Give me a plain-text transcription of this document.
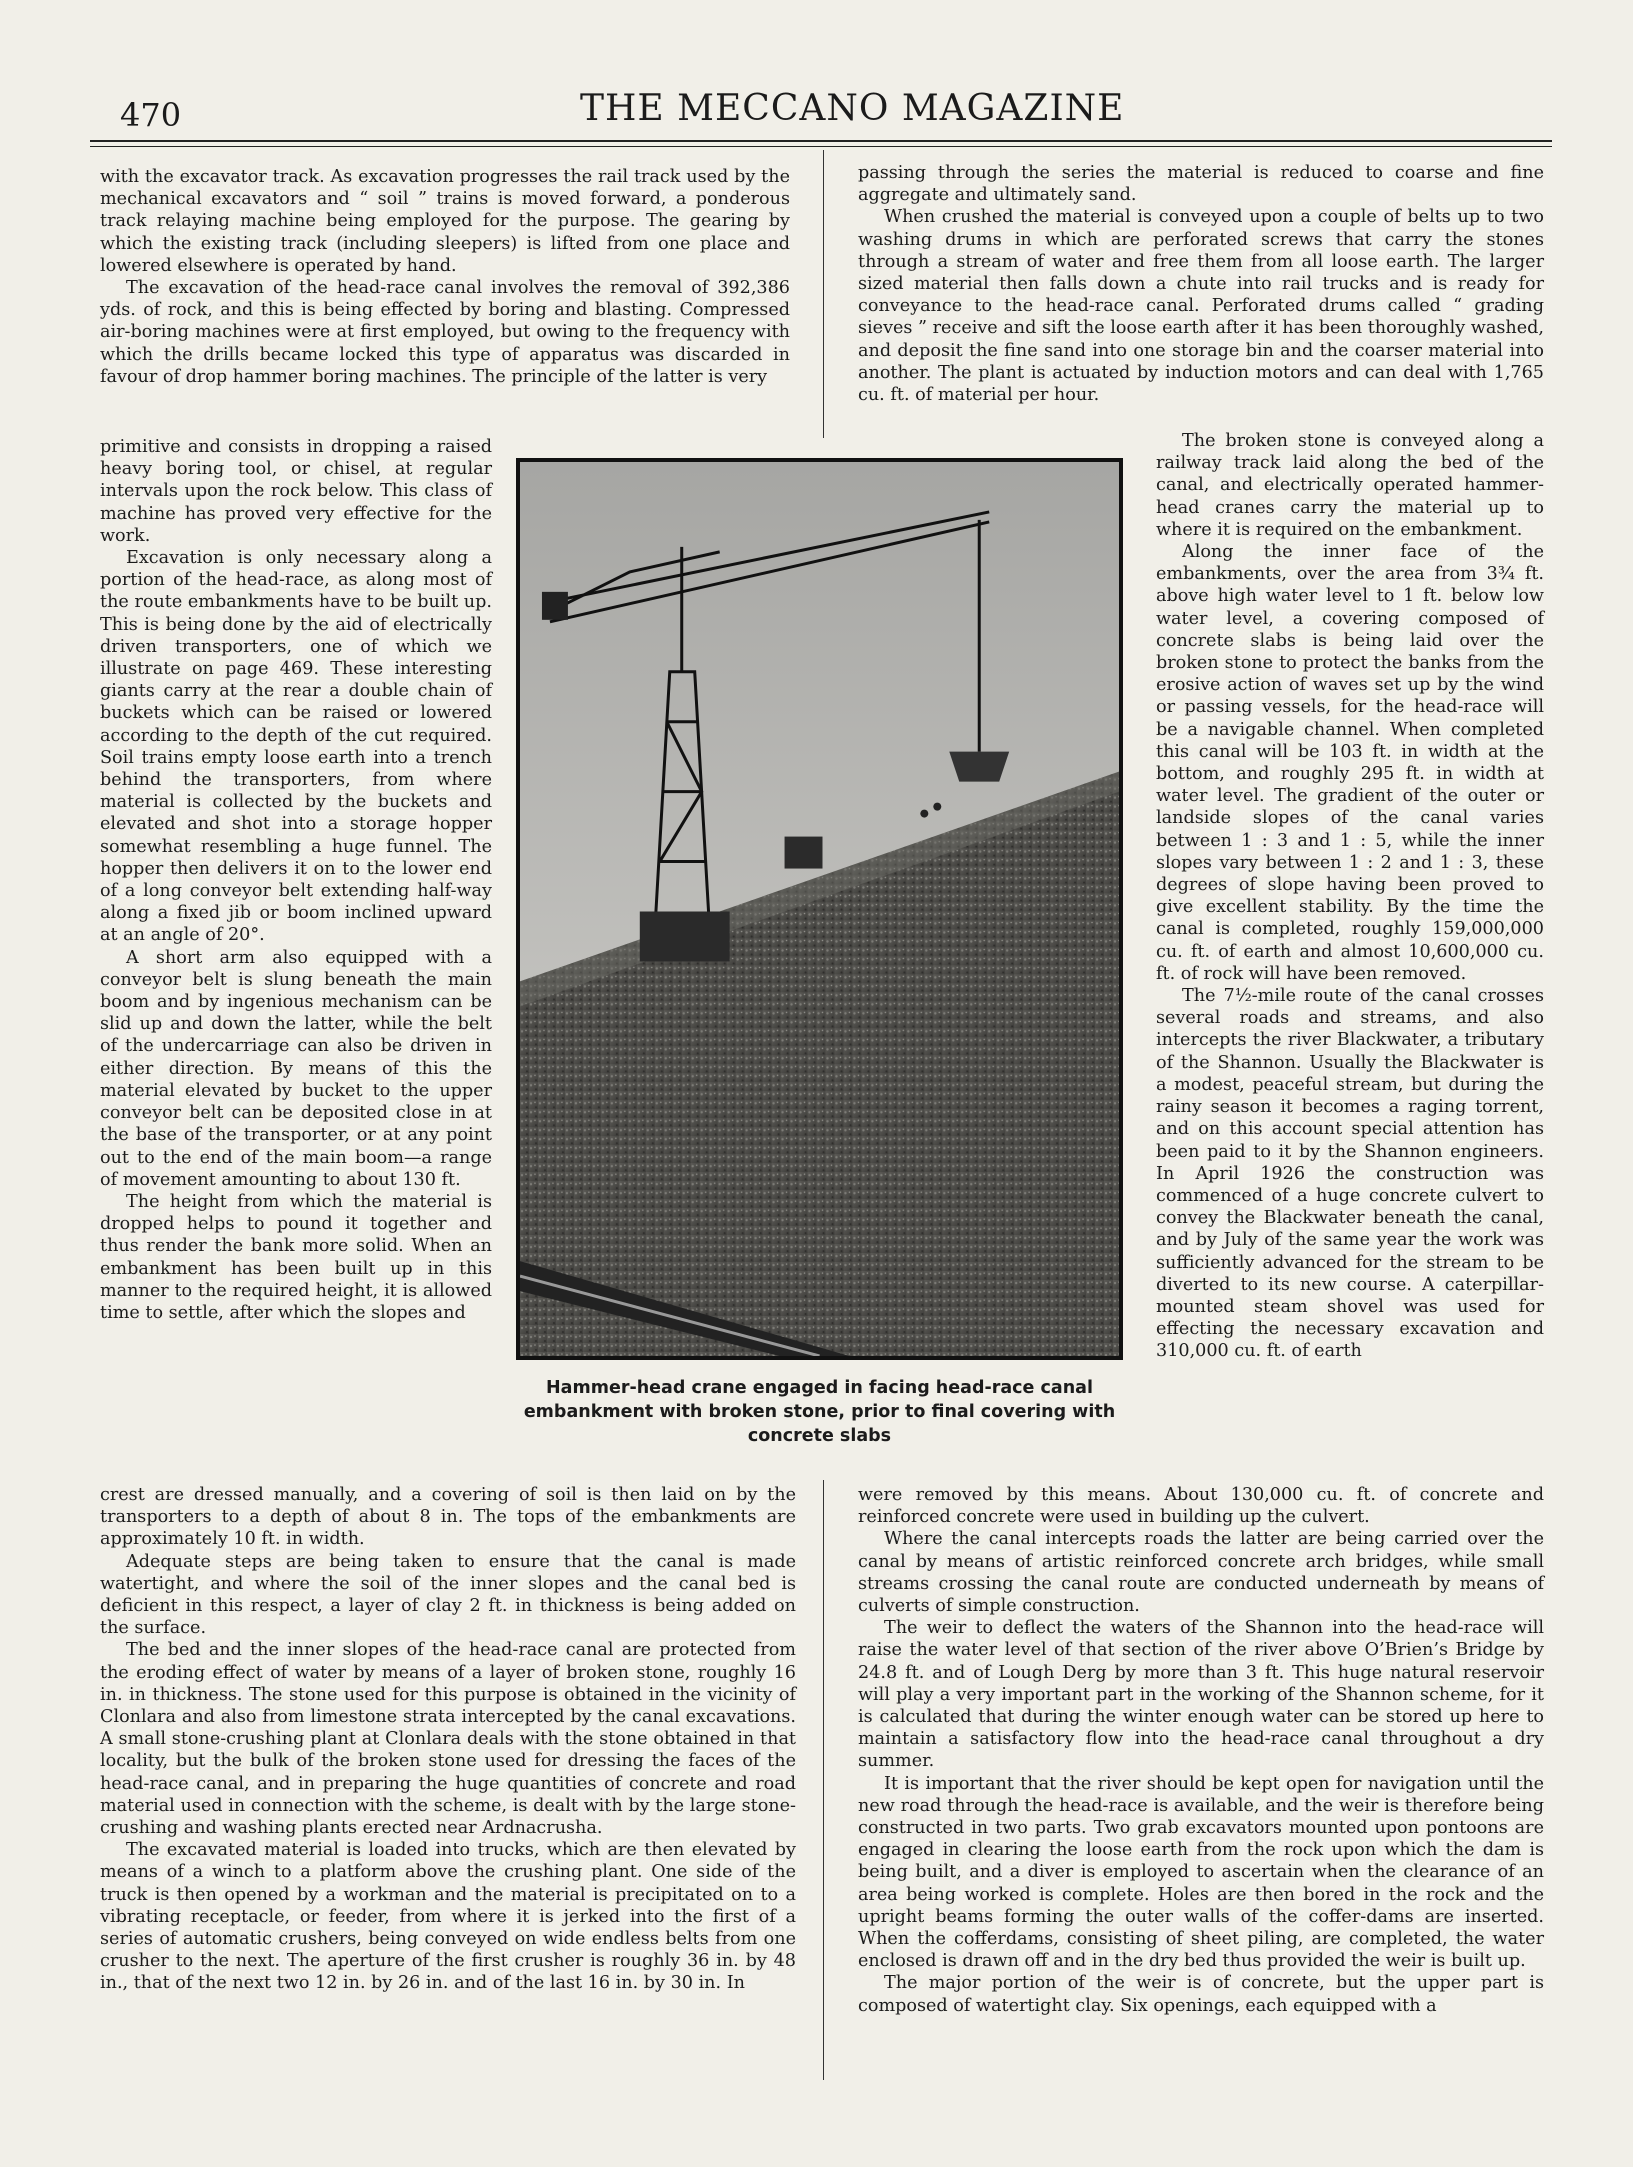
470	THE MECCANO MAGAZINE

with the excavator track. As excavation progresses the rail track used by the mechanical excavators and “ soil ” trains is moved forward, a ponderous track relaying machine being employed for the purpose. The gearing by which the existing track (including sleepers) is lifted from one place and lowered elsewhere is operated by hand.

The excavation of the head-race canal involves the removal of 392,386 yds. of rock, and this is being effected by boring and blasting. Compressed air-boring machines were at first employed, but owing to the frequency with which the drills became locked this type of apparatus was discarded in favour of drop hammer boring machines. The principle of the latter is very

primitive and consists in dropping a raised heavy boring tool, or chisel, at regular intervals upon the rock below. This class of machine has proved very effective for the work.

Excavation is only necessary along a portion of the head-race, as along most of the route embankments have to be built up. This is being done by the aid of electrically driven transporters, one of which we illustrate on page 469. These interesting giants carry at the rear a double chain of buckets which can be raised or lowered according to the depth of the cut required. Soil trains empty loose earth into a trench behind the transporters, from where material is collected by the buckets and elevated and shot into a storage hopper somewhat resembling a huge funnel. The hopper then delivers it on to the lower end of a long conveyor belt extending half-way along a fixed jib or boom inclined upward at an angle of 20°.

A short arm also equipped with a conveyor belt is slung beneath the main boom and by ingenious mechanism can be slid up and down the latter, while the belt of the undercarriage can also be driven in either direction. By means of this the material elevated by bucket to the upper conveyor belt can be deposited close in at the base of the transporter, or at any point out to the end of the main boom—a range of movement amounting to about 130 ft.

The height from which the material is dropped helps to pound it together and thus render the bank more solid. When an embankment has been built up in this manner to the required height, it is allowed time to settle, after which the slopes and

crest are dressed manually, and a covering of soil is then laid on by the transporters to a depth of about 8 in. The tops of the embankments are approximately 10 ft. in width.

Adequate steps are being taken to ensure that the canal is made watertight, and where the soil of the inner slopes and the canal bed is deficient in this respect, a layer of clay 2 ft. in thickness is being added on the surface.

The bed and the inner slopes of the head-race canal are protected from the eroding effect of water by means of a layer of broken stone, roughly 16 in. in thickness. The stone used for this purpose is obtained in the vicinity of Clonlara and also from limestone strata intercepted by the canal excavations. A small stone-crushing plant at Clonlara deals with the stone obtained in that locality, but the bulk of the broken stone used for dressing the faces of the head-race canal, and in preparing the huge quantities of concrete and road material used in connection with the scheme, is dealt with by the large stone-crushing and washing plants erected near Ardnacrusha.

The excavated material is loaded into trucks, which are then elevated by means of a winch to a platform above the crushing plant. One side of the truck is then opened by a workman and the material is precipitated on to a vibrating receptacle, or feeder, from where it is jerked into the first of a series of automatic crushers, being conveyed on wide endless belts from one crusher to the next. The aperture of the first crusher is roughly 36 in. by 48 in., that of the next two 12 in. by 26 in. and of the last 16 in. by 30 in. In

passing through the series the material is reduced to coarse and fine aggregate and ultimately sand.

When crushed the material is conveyed upon a couple of belts up to two washing drums in which are perforated screws that carry the stones through a stream of water and free them from all loose earth. The larger sized material then falls down a chute into rail trucks and is ready for conveyance to the head-race canal. Perforated drums called “ grading sieves ” receive and sift the loose earth after it has been thoroughly washed, and deposit the fine sand into one storage bin and the coarser material into another. The plant is actuated by induction motors and can deal with 1,765 cu. ft. of material per hour.

The broken stone is conveyed along a railway track laid along the bed of the canal, and electrically operated hammer-head cranes carry the material up to where it is required on the embankment.

Along the inner face of the embankments, over the area from 3¾ ft. above high water level to 1 ft. below low water level, a covering composed of concrete slabs is being laid over the broken stone to protect the banks from the erosive action of waves set up by the wind or passing vessels, for the head-race will be a navigable channel. When completed this canal will be 103 ft. in width at the bottom, and roughly 295 ft. in width at water level. The gradient of the outer or landside slopes of the canal varies between 1 : 3 and 1 : 5, while the inner slopes vary between 1 : 2 and 1 : 3, these degrees of slope having been proved to give excellent stability. By the time the canal is completed, roughly 159,000,000 cu. ft. of earth and almost 10,600,000 cu. ft. of rock will have been removed.

The 7½-mile route of the canal crosses several roads and streams, and also intercepts the river Blackwater, a tributary of the Shannon. Usually the Blackwater is a modest, peaceful stream, but during the rainy season it becomes a raging torrent, and on this account special attention has been paid to it by the Shannon engineers. In April 1926 the construction was commenced of a huge concrete culvert to convey the Blackwater beneath the canal, and by July of the same year the work was sufficiently advanced for the stream to be diverted to its new course. A caterpillar-mounted steam shovel was used for effecting the necessary excavation and 310,000 cu. ft. of earth

were removed by this means. About 130,000 cu. ft. of concrete and reinforced concrete were used in building up the culvert.

Where the canal intercepts roads the latter are being carried over the canal by means of artistic reinforced concrete arch bridges, while small streams crossing the canal route are conducted underneath by means of culverts of simple construction.

The weir to deflect the waters of the Shannon into the head-race will raise the water level of that section of the river above O’Brien’s Bridge by 24.8 ft. and of Lough Derg by more than 3 ft. This huge natural reservoir will play a very important part in the working of the Shannon scheme, for it is calculated that during the winter enough water can be stored up here to maintain a satisfactory flow into the head-race canal throughout a dry summer.

It is important that the river should be kept open for navigation until the new road through the head-race is available, and the weir is therefore being constructed in two parts. Two grab excavators mounted upon pontoons are engaged in clearing the loose earth from the rock upon which the dam is being built, and a diver is employed to ascertain when the clearance of an area being worked is complete. Holes are then bored in the rock and the upright beams forming the outer walls of the coffer-dams are inserted. When the cofferdams, consisting of sheet piling, are completed, the water enclosed is drawn off and in the dry bed thus provided the weir is built up.

The major portion of the weir is of concrete, but the upper part is composed of watertight clay. Six openings, each equipped with a

Hammer-head crane engaged in facing head-race canal embankment with broken stone, prior to final covering with concrete slabs
